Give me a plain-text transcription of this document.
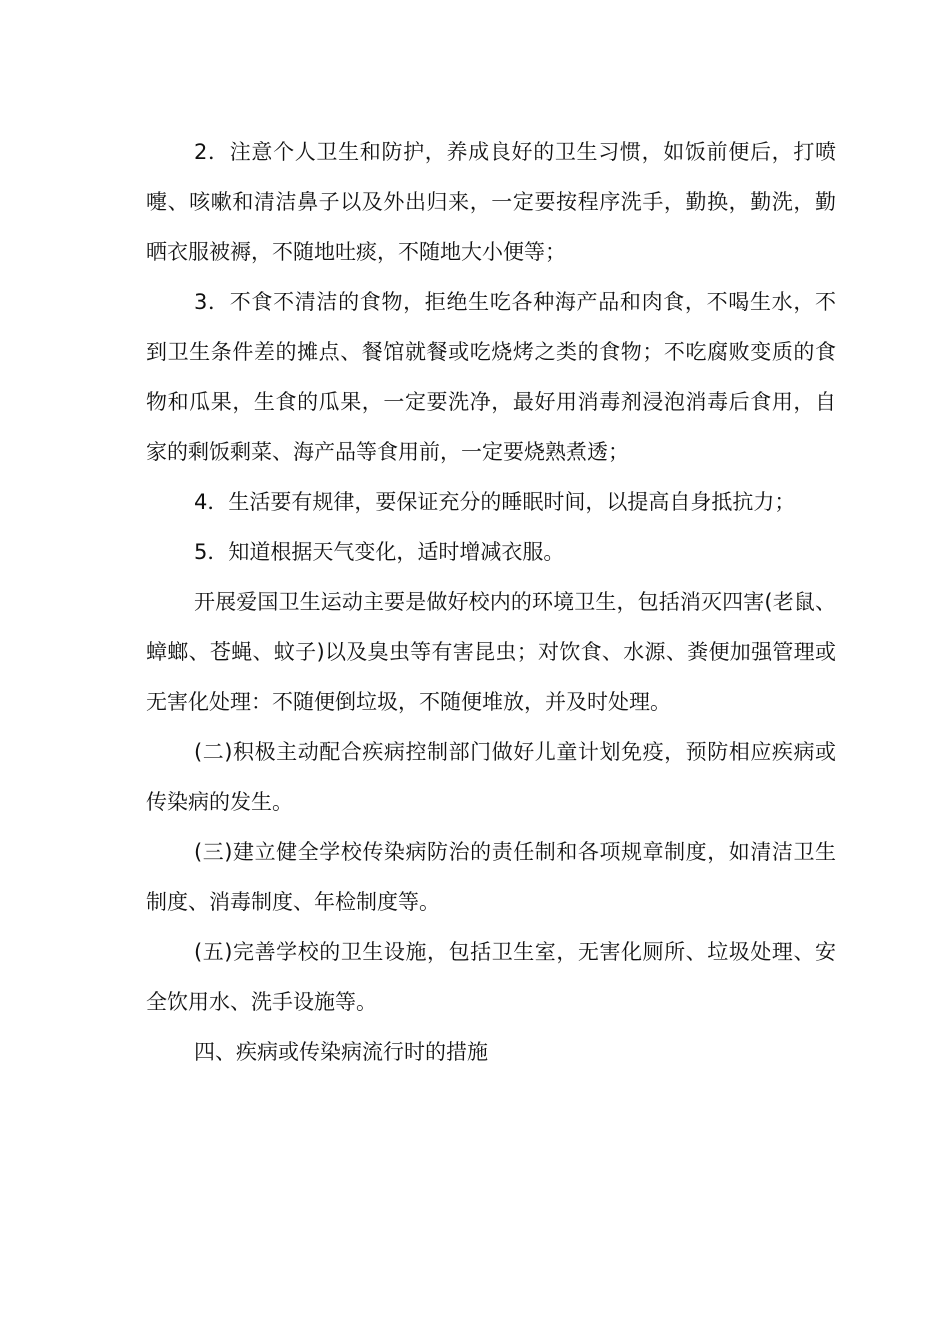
2．注意个人卫生和防护，养成良好的卫生习惯，如饭前便后，打喷嚏、咳嗽和清洁鼻子以及外出归来，一定要按程序洗手，勤换，勤洗，勤晒衣服被褥，不随地吐痰，不随地大小便等；

3．不食不清洁的食物，拒绝生吃各种海产品和肉食，不喝生水，不到卫生条件差的摊点、餐馆就餐或吃烧烤之类的食物；不吃腐败变质的食物和瓜果，生食的瓜果，一定要洗净，最好用消毒剂浸泡消毒后食用，自家的剩饭剩菜、海产品等食用前，一定要烧熟煮透；

4．生活要有规律，要保证充分的睡眠时间，以提高自身抵抗力；

5．知道根据天气变化，适时增减衣服。

开展爱国卫生运动主要是做好校内的环境卫生，包括消灭四害(老鼠、蟑螂、苍蝇、蚊子)以及臭虫等有害昆虫；对饮食、水源、粪便加强管理或无害化处理：不随便倒垃圾，不随便堆放，并及时处理。

(二)积极主动配合疾病控制部门做好儿童计划免疫，预防相应疾病或传染病的发生。

(三)建立健全学校传染病防治的责任制和各项规章制度，如清洁卫生制度、消毒制度、年检制度等。

(五)完善学校的卫生设施，包括卫生室，无害化厕所、垃圾处理、安全饮用水、洗手设施等。

四、疾病或传染病流行时的措施
